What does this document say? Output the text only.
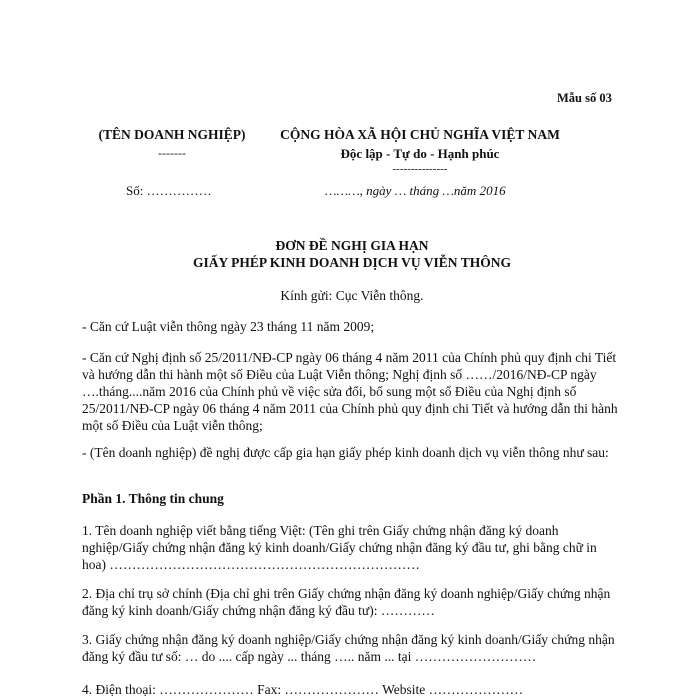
Mẫu số 03
(TÊN DOANH NGHIỆP)
-------
CỘNG HÒA XÃ HỘI CHỦ NGHĨA VIỆT NAM
Độc lập - Tự do - Hạnh phúc
---------------
Số: ……………	………, ngày … tháng …năm 2016
ĐƠN ĐỀ NGHỊ GIA HẠN
GIẤY PHÉP KINH DOANH DỊCH VỤ VIỄN THÔNG
Kính gửi: Cục Viễn thông.
- Căn cứ Luật viễn thông ngày 23 tháng 11 năm 2009;
- Căn cứ Nghị định số 25/2011/NĐ-CP ngày 06 tháng 4 năm 2011 của Chính phủ quy định chi Tiết và hướng dẫn thi hành một số Điều của Luật Viễn thông; Nghị định số ……/2016/NĐ-CP ngày ….tháng....năm 2016 của Chính phủ về việc sửa đổi, bổ sung một số Điều của Nghị định số 25/2011/NĐ-CP ngày 06 tháng 4 năm 2011 của Chính phủ quy định chi Tiết và hướng dẫn thi hành một số Điều của Luật viễn thông;
- (Tên doanh nghiệp) đề nghị được cấp gia hạn giấy phép kinh doanh dịch vụ viễn thông như sau:
Phần 1. Thông tin chung
1. Tên doanh nghiệp viết bằng tiếng Việt: (Tên ghi trên Giấy chứng nhận đăng ký doanh nghiệp/Giấy chứng nhận đăng ký kinh doanh/Giấy chứng nhận đăng ký đầu tư, ghi bằng chữ in hoa) ……………………………………………………………
2. Địa chỉ trụ sở chính (Địa chỉ ghi trên Giấy chứng nhận đăng ký doanh nghiệp/Giấy chứng nhận đăng ký kinh doanh/Giấy chứng nhận đăng ký đầu tư): …………
3. Giấy chứng nhận đăng ký doanh nghiệp/Giấy chứng nhận đăng ký kinh doanh/Giấy chứng nhận đăng ký đầu tư số: … do .... cấp ngày ... tháng ….. năm ... tại ………………………
4. Điện thoại: ………………… Fax: ………………… Website …………………
